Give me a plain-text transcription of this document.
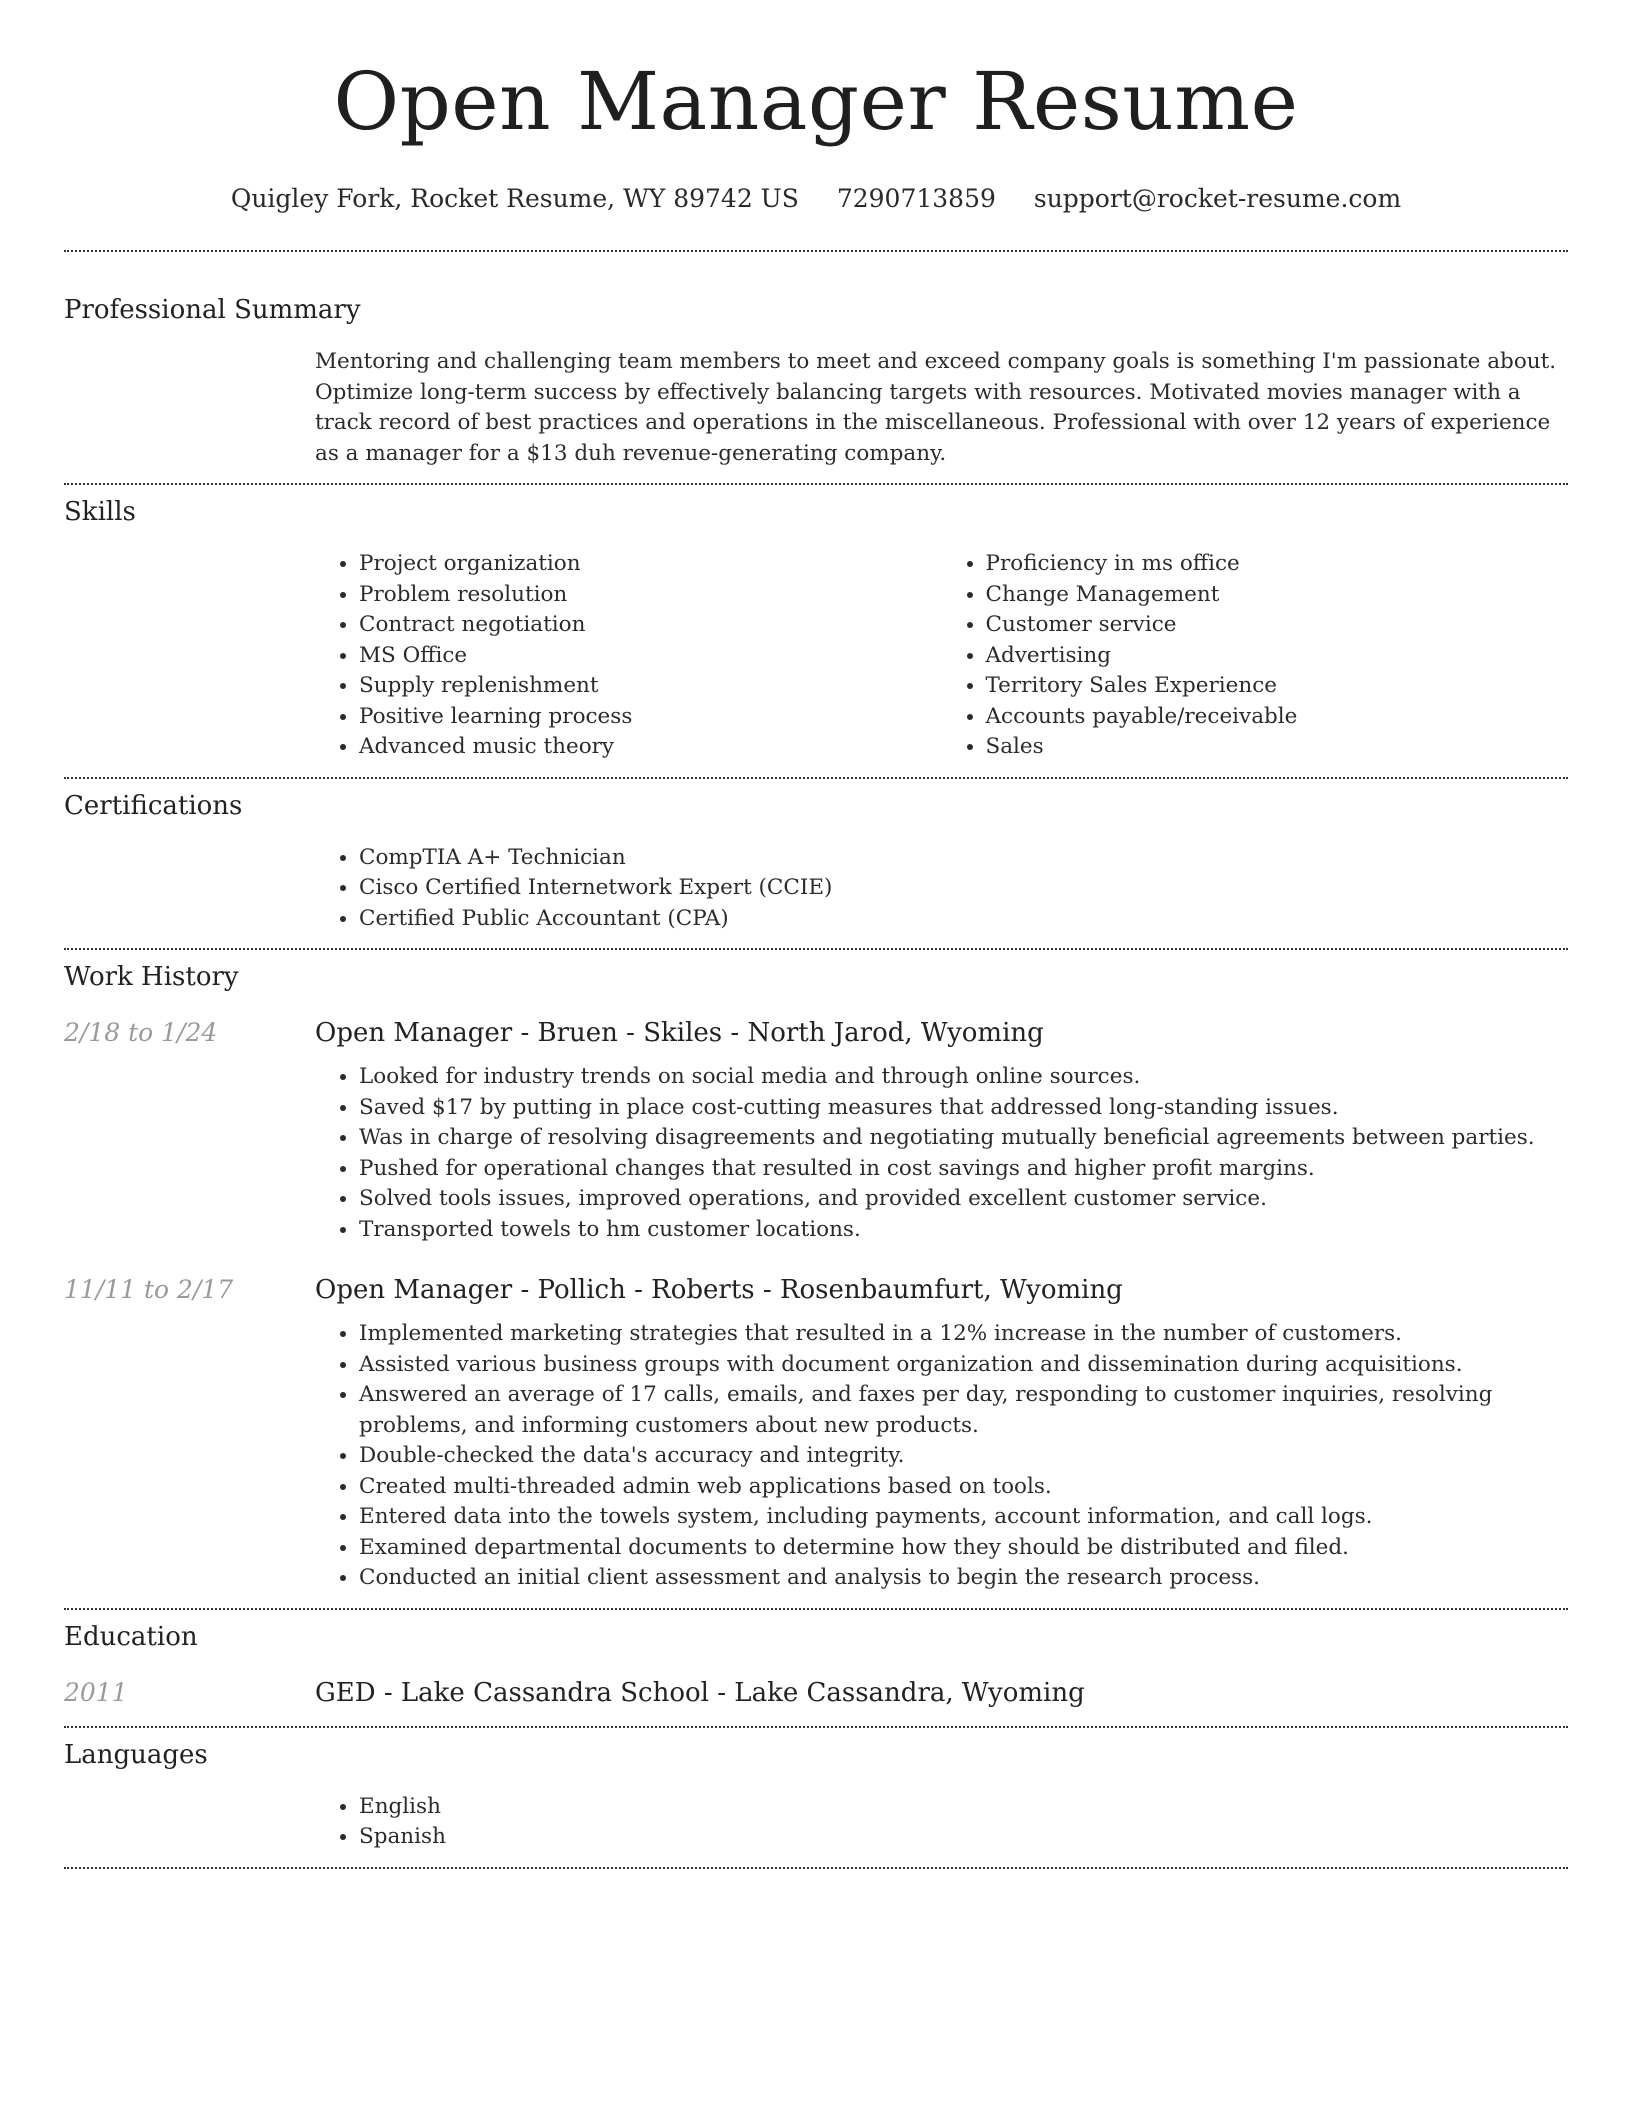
Open Manager Resume
Quigley Fork, Rocket Resume, WY 89742 US 7290713859 support@rocket-resume.com
Professional Summary
Mentoring and challenging team members to meet and exceed company goals is something I'm passionate about. Optimize long-term success by effectively balancing targets with resources. Motivated movies manager with a track record of best practices and operations in the miscellaneous. Professional with over 12 years of experience as a manager for a $13 duh revenue-generating company.
Skills
• Project organization
• Problem resolution
• Contract negotiation
• MS Office
• Supply replenishment
• Positive learning process
• Advanced music theory
• Proficiency in ms office
• Change Management
• Customer service
• Advertising
• Territory Sales Experience
• Accounts payable/receivable
• Sales
Certifications
• CompTIA A+ Technician
• Cisco Certified Internetwork Expert (CCIE)
• Certified Public Accountant (CPA)
Work History
2/18 to 1/24	Open Manager - Bruen - Skiles - North Jarod, Wyoming
• Looked for industry trends on social media and through online sources.
• Saved $17 by putting in place cost-cutting measures that addressed long-standing issues.
• Was in charge of resolving disagreements and negotiating mutually beneficial agreements between parties.
• Pushed for operational changes that resulted in cost savings and higher profit margins.
• Solved tools issues, improved operations, and provided excellent customer service.
• Transported towels to hm customer locations.
11/11 to 2/17	Open Manager - Pollich - Roberts - Rosenbaumfurt, Wyoming
• Implemented marketing strategies that resulted in a 12% increase in the number of customers.
• Assisted various business groups with document organization and dissemination during acquisitions.
• Answered an average of 17 calls, emails, and faxes per day, responding to customer inquiries, resolving problems, and informing customers about new products.
• Double-checked the data's accuracy and integrity.
• Created multi-threaded admin web applications based on tools.
• Entered data into the towels system, including payments, account information, and call logs.
• Examined departmental documents to determine how they should be distributed and filed.
• Conducted an initial client assessment and analysis to begin the research process.
Education
2011	GED - Lake Cassandra School - Lake Cassandra, Wyoming
Languages
• English
• Spanish
